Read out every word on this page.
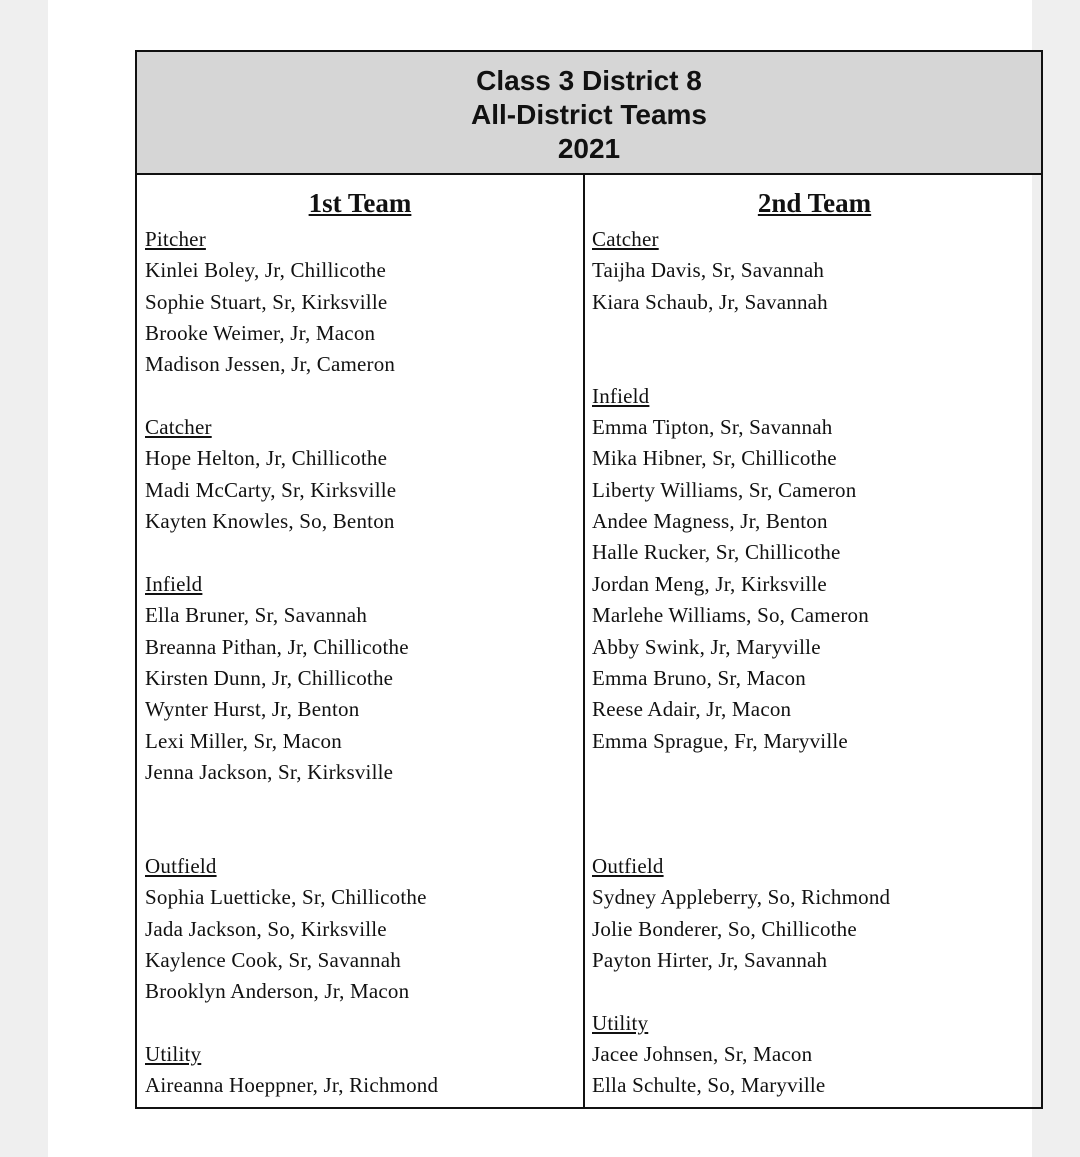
Class 3 District 8
All-District Teams
2021
1st Team
Pitcher
Kinlei Boley, Jr, Chillicothe
Sophie Stuart, Sr, Kirksville
Brooke Weimer, Jr, Macon
Madison Jessen, Jr, Cameron
Catcher
Hope Helton, Jr, Chillicothe
Madi McCarty, Sr, Kirksville
Kayten Knowles, So, Benton
Infield
Ella Bruner, Sr, Savannah
Breanna Pithan, Jr, Chillicothe
Kirsten Dunn, Jr, Chillicothe
Wynter Hurst, Jr, Benton
Lexi Miller, Sr, Macon
Jenna Jackson, Sr, Kirksville
Outfield
Sophia Luetticke, Sr, Chillicothe
Jada Jackson, So, Kirksville
Kaylence Cook, Sr, Savannah
Brooklyn Anderson, Jr, Macon
Utility
Aireanna Hoeppner, Jr, Richmond
2nd Team
Catcher
Taijha Davis, Sr, Savannah
Kiara Schaub, Jr, Savannah
Infield
Emma Tipton, Sr, Savannah
Mika Hibner, Sr, Chillicothe
Liberty Williams, Sr, Cameron
Andee Magness, Jr, Benton
Halle Rucker, Sr, Chillicothe
Jordan Meng, Jr, Kirksville
Marlehe Williams, So, Cameron
Abby Swink, Jr, Maryville
Emma Bruno, Sr, Macon
Reese Adair, Jr, Macon
Emma Sprague, Fr, Maryville
Outfield
Sydney Appleberry, So, Richmond
Jolie Bonderer, So, Chillicothe
Payton Hirter, Jr, Savannah
Utility
Jacee Johnsen, Sr, Macon
Ella Schulte, So, Maryville
